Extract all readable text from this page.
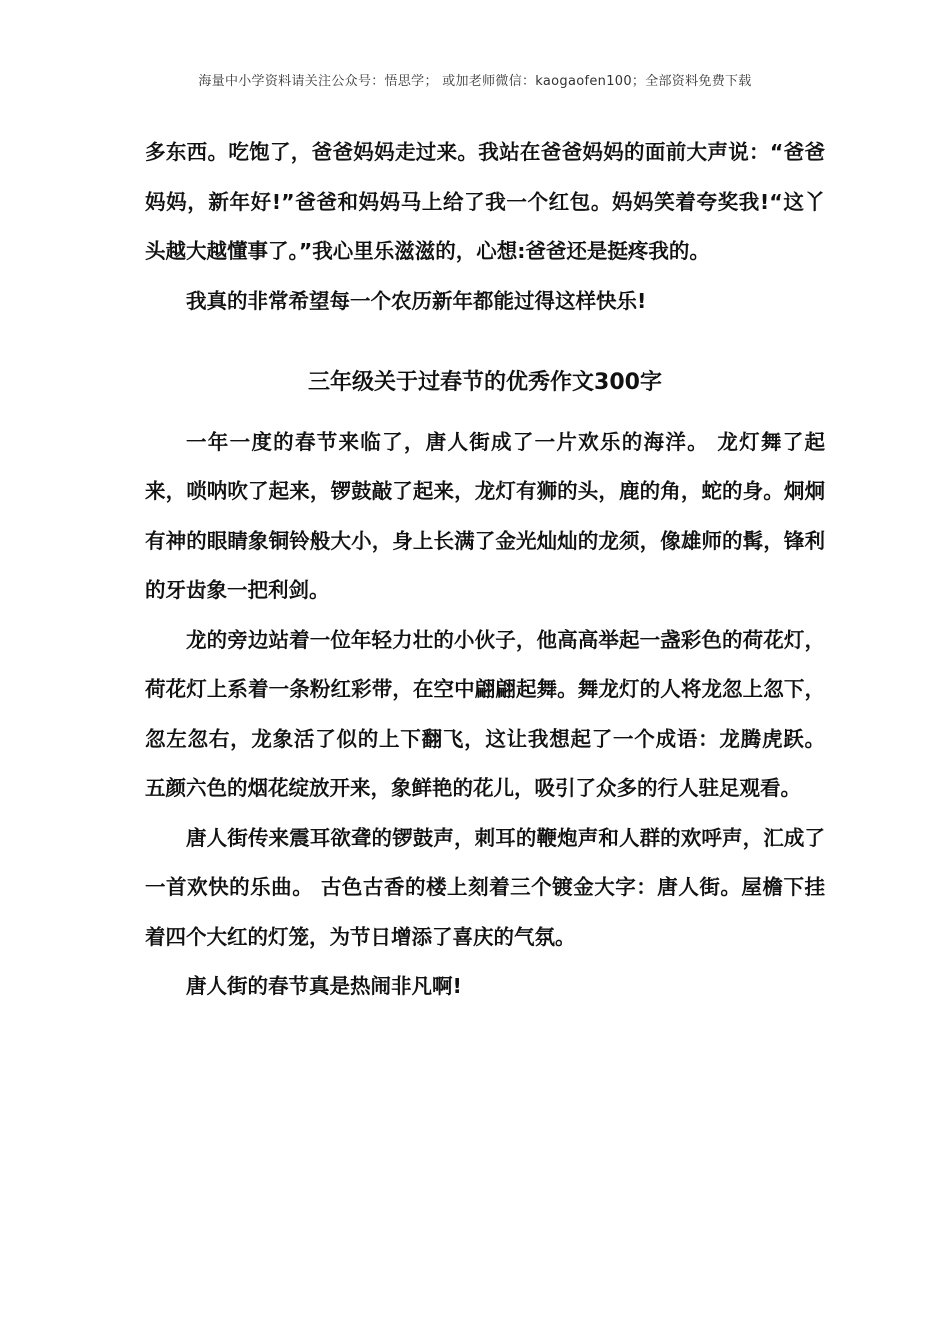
海量中小学资料请关注公众号：悟思学； 或加老师微信：kaogaofen100；全部资料免费下载

多东西。吃饱了，爸爸妈妈走过来。我站在爸爸妈妈的面前大声说：“爸爸妈妈，新年好!”爸爸和妈妈马上给了我一个红包。妈妈笑着夸奖我!“这丫头越大越懂事了。”我心里乐滋滋的，心想:爸爸还是挺疼我的。

我真的非常希望每一个农历新年都能过得这样快乐!

三年级关于过春节的优秀作文300字

一年一度的春节来临了，唐人街成了一片欢乐的海洋。 龙灯舞了起来，唢呐吹了起来，锣鼓敲了起来，龙灯有狮的头，鹿的角，蛇的身。炯炯有神的眼睛象铜铃般大小，身上长满了金光灿灿的龙须，像雄师的髯，锋利的牙齿象一把利剑。

龙的旁边站着一位年轻力壮的小伙子，他高高举起一盏彩色的荷花灯，荷花灯上系着一条粉红彩带，在空中翩翩起舞。舞龙灯的人将龙忽上忽下，忽左忽右，龙象活了似的上下翻飞，这让我想起了一个成语：龙腾虎跃。 五颜六色的烟花绽放开来，象鲜艳的花儿，吸引了众多的行人驻足观看。

唐人街传来震耳欲聋的锣鼓声，刺耳的鞭炮声和人群的欢呼声，汇成了一首欢快的乐曲。 古色古香的楼上刻着三个镀金大字：唐人街。屋檐下挂着四个大红的灯笼，为节日增添了喜庆的气氛。

唐人街的春节真是热闹非凡啊!
